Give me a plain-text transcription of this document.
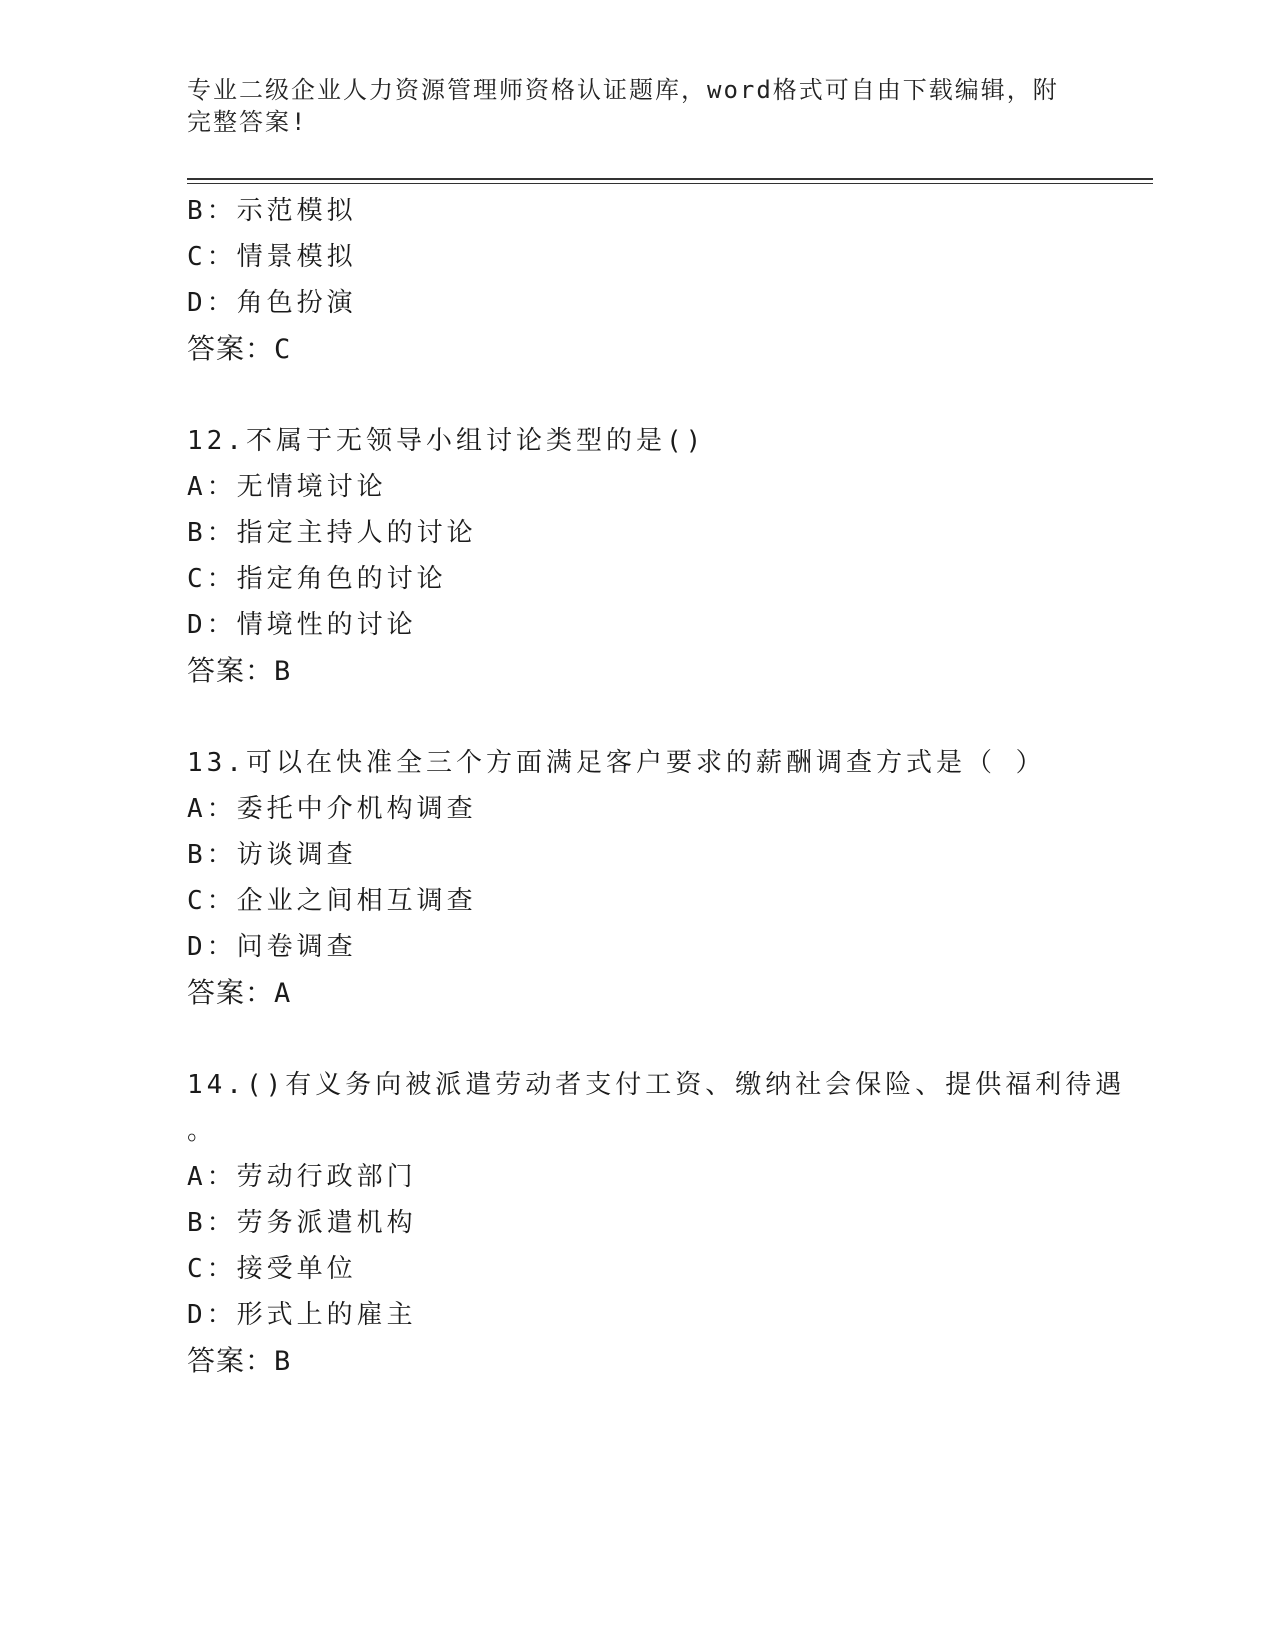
专业二级企业人力资源管理师资格认证题库，word格式可自由下载编辑，附完整答案!
B：示范模拟
C：情景模拟
D：角色扮演
答案：C
12.不属于无领导小组讨论类型的是()
A：无情境讨论
B：指定主持人的讨论
C：指定角色的讨论
D：情境性的讨论
答案：B
13.可以在快准全三个方面满足客户要求的薪酬调查方式是（ ）
A：委托中介机构调查
B：访谈调查
C：企业之间相互调查
D：问卷调查
答案：A
14.()有义务向被派遣劳动者支付工资、缴纳社会保险、提供福利待遇
。
A：劳动行政部门
B：劳务派遣机构
C：接受单位
D：形式上的雇主
答案：B
